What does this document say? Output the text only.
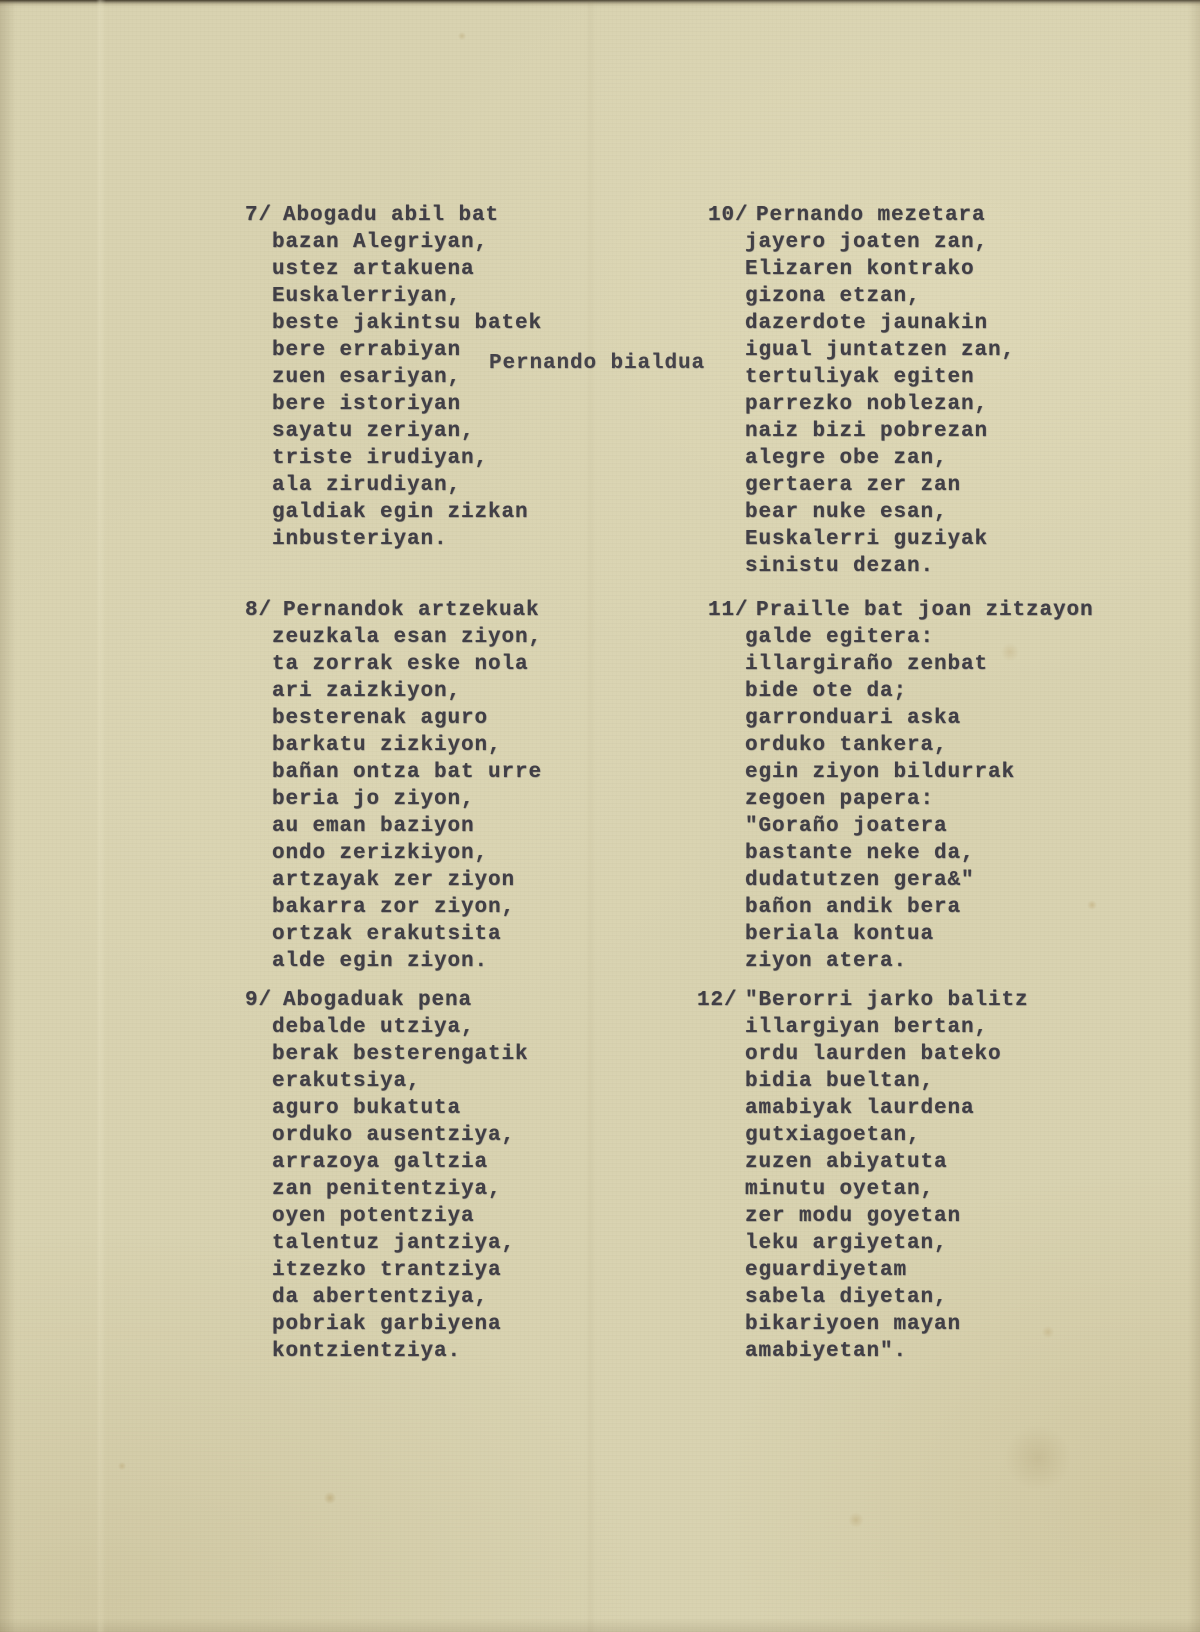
7/ Abogadu abil bat
bazan Alegriyan,
ustez artakuena
Euskalerriyan,
beste jakintsu batek
bere errabiyan
zuen esariyan,
bere istoriyan
sayatu zeriyan,
triste irudiyan,
ala zirudiyan,
galdiak egin zizkan
inbusteriyan.
8/ Pernandok artzekuak
zeuzkala esan ziyon,
ta zorrak eske nola
ari zaizkiyon,
besterenak aguro
barkatu zizkiyon,
bañan ontza bat urre
beria jo ziyon,
au eman baziyon
ondo zerizkiyon,
artzayak zer ziyon
bakarra zor ziyon,
ortzak erakutsita
alde egin ziyon.
9/ Abogaduak pena
debalde utziya,
berak besterengatik
erakutsiya,
aguro bukatuta
orduko ausentziya,
arrazoya galtzia
zan penitentziya,
oyen potentziya
talentuz jantziya,
itzezko trantziya
da abertentziya,
pobriak garbiyena
kontzientziya.
10/ Pernando mezetara
jayero joaten zan,
Elizaren kontrako
gizona etzan,
dazerdote jaunakin
igual juntatzen zan,
tertuliyak egiten
parrezko noblezan,
naiz bizi pobrezan
alegre obe zan,
gertaera zer zan
bear nuke esan,
Euskalerri guziyak
sinistu dezan.
11/ Praille bat joan zitzayon
galde egitera:
illargiraño zenbat
bide ote da;
garronduari aska
orduko tankera,
egin ziyon bildurrak
zegoen papera:
"Goraño joatera
bastante neke da,
dudatutzen gera&"
bañon andik bera
beriala kontua
ziyon atera.
12/ "Berorri jarko balitz
illargiyan bertan,
ordu laurden bateko
bidia bueltan,
amabiyak laurdena
gutxiagoetan,
zuzen abiyatuta
minutu oyetan,
zer modu goyetan
leku argiyetan,
eguardiyetam
sabela diyetan,
bikariyoen mayan
amabiyetan".
Pernando bialdua
